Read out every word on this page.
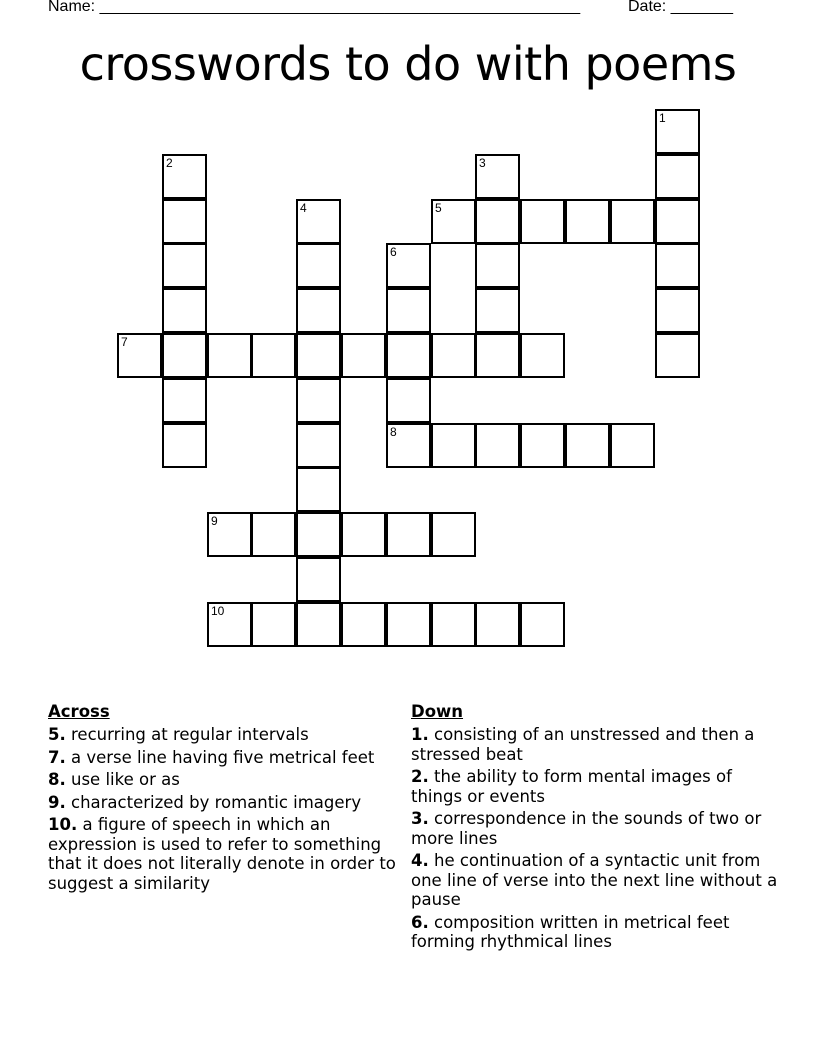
Name: ______________________________________________________	Date: _______
crosswords to do with poems
1
2	3
4	5
6
8
7
9
10
Across
5. recurring at regular intervals
7. a verse line having five metrical feet
8. use like or as
9. characterized by romantic imagery
10. a figure of speech in which an expression is used to refer to something that it does not literally denote in order to suggest a similarity
Down
1. consisting of an unstressed and then a stressed beat
2. the ability to form mental images of things or events
3. correspondence in the sounds of two or more lines
4. he continuation of a syntactic unit from one line of verse into the next line without a pause
6. composition written in metrical feet forming rhythmical lines
